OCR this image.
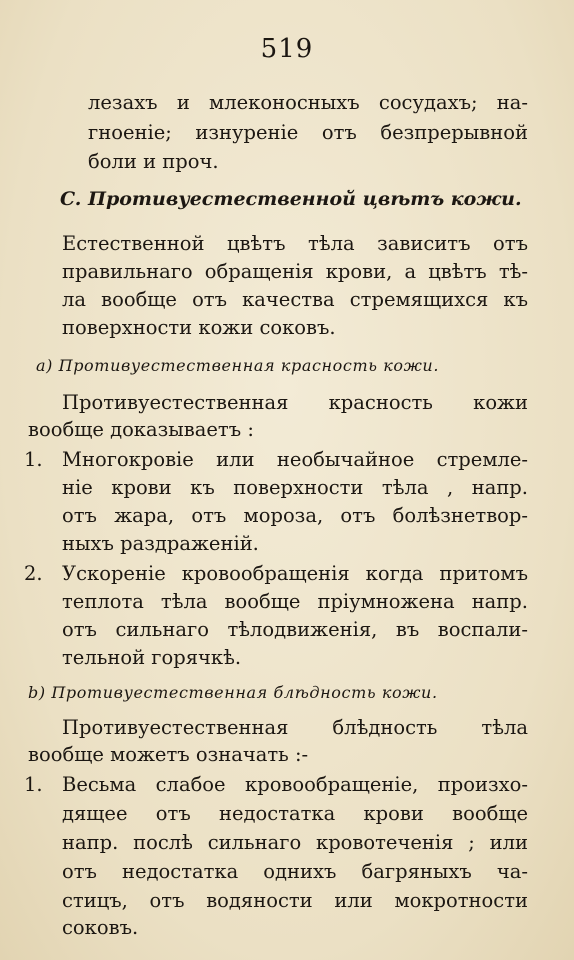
519
лезахъ и млеконосныхъ сосудахъ; на-
гноеніе; изнуреніе отъ безпрерывной
боли и проч.
C. Противуестественной цвѣтъ кожи.
Естественной цвѣтъ тѣла зависитъ отъ
правильнаго обращенія крови, а цвѣтъ тѣ-
ла вообще отъ качества стремящихся къ
поверхности кожи соковъ.
a) Противуестественная красность кожи.
Противуестественная красность кожи
вообще доказываетъ :
1. Многокровіе или необычайное стремле-
ніе крови къ поверхности тѣла , напр.
отъ жара, отъ мороза, отъ болѣзнетвор-
ныхъ раздраженій.
2. Ускореніе кровообращенія когда притомъ
теплота тѣла вообще пріумножена напр.
отъ сильнаго тѣлодвиженія, въ воспали-
тельной горячкѣ.
b) Противуестественная блѣдность кожи.
Противуестественная блѣдность тѣла
вообще можетъ означать :-
1. Весьма слабое кровообращеніе, произхо-
дящее отъ недостатка крови вообще
напр. послѣ сильнаго кровотеченія ; или
отъ недостатка однихъ багряныхъ ча-
стицъ, отъ водяности или мокротности
соковъ.
